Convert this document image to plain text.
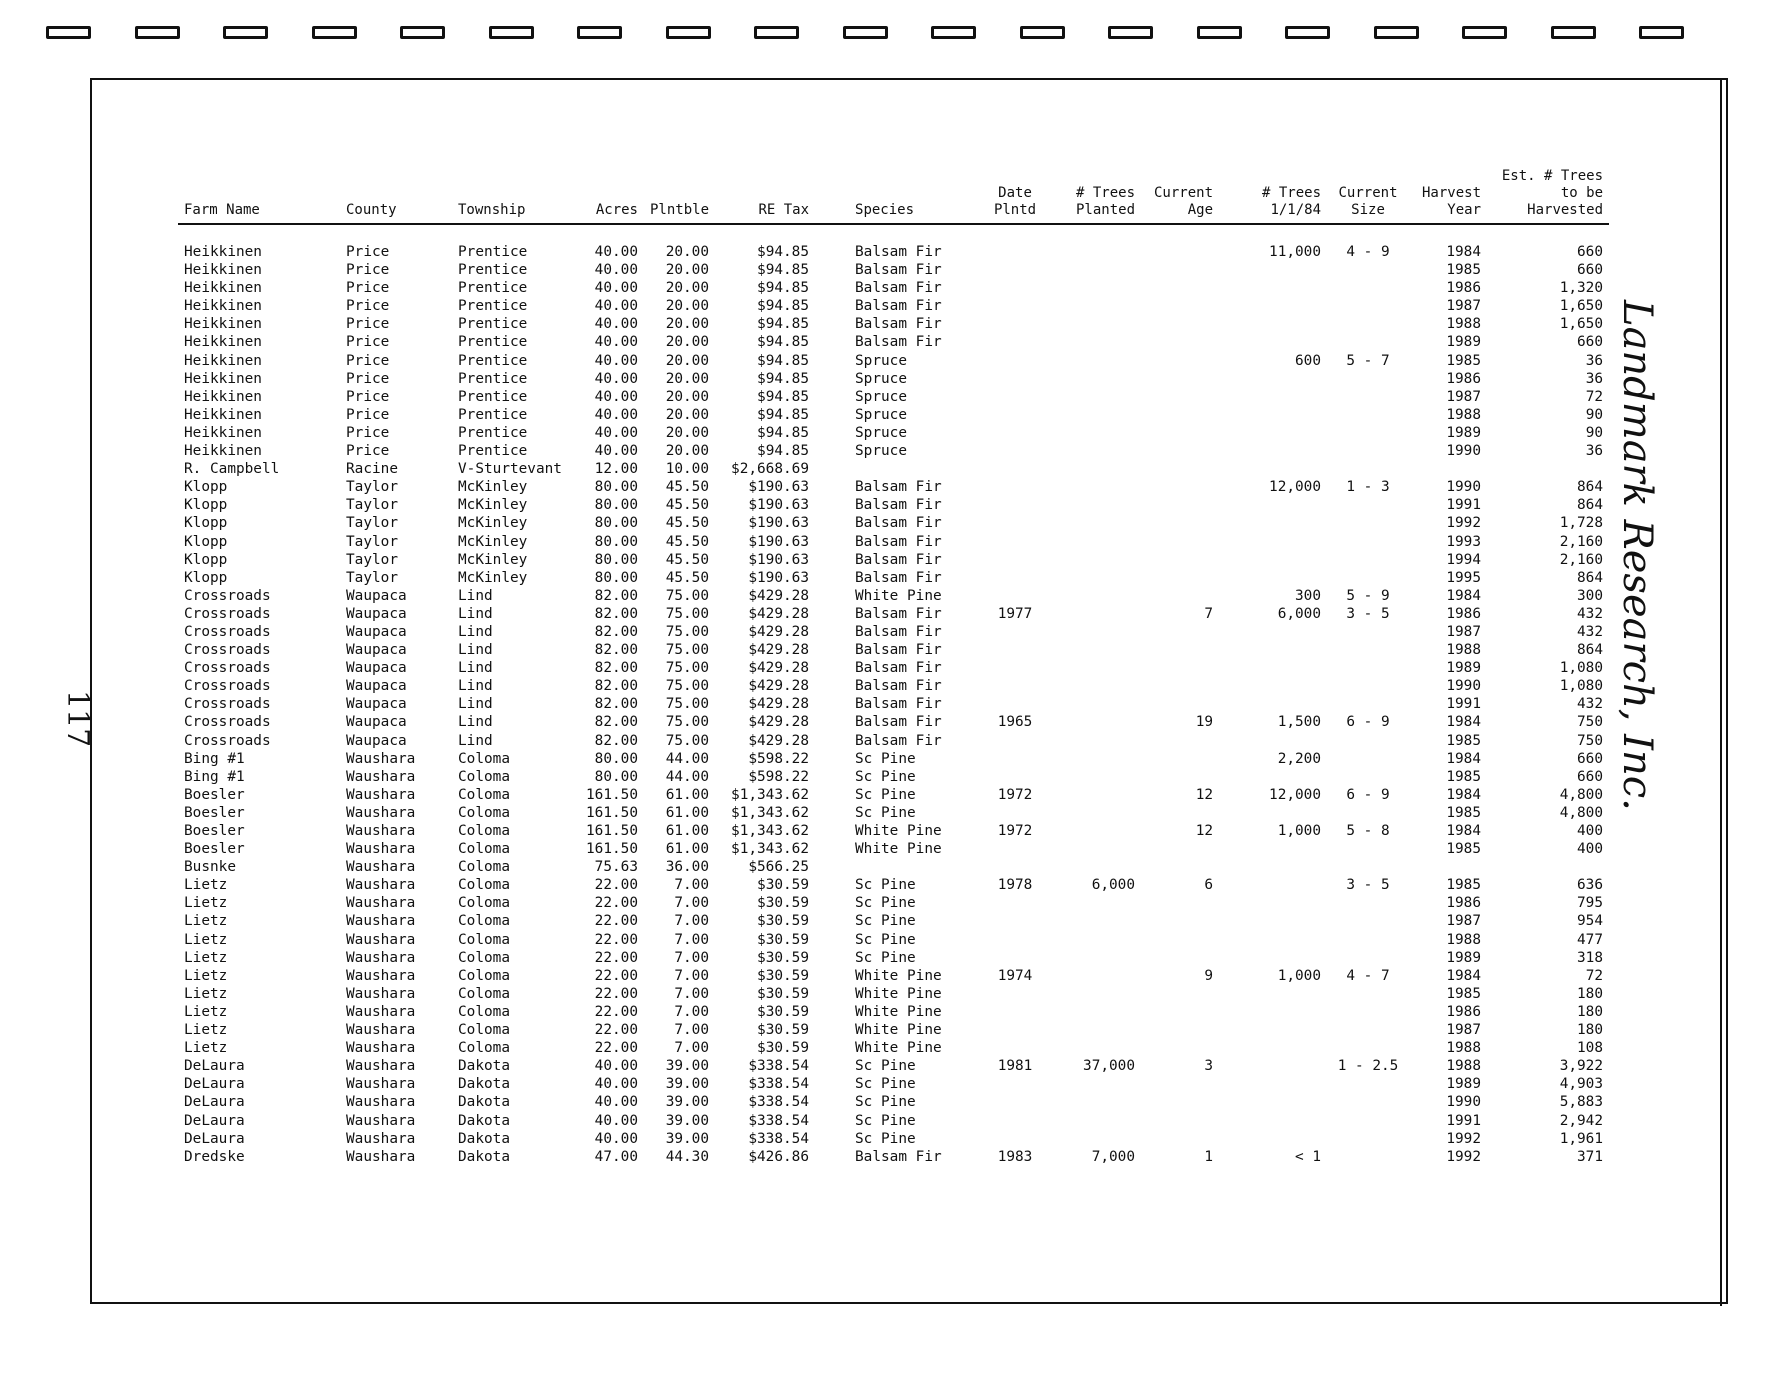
Landmark Research, Inc.
117
Farm Name	County	Township	Acres	Plntble	RE Tax	Species	Date Plntd	# Trees Planted	Current Age	# Trees 1/1/84	Current Size	Harvest Year	Est. # Trees to be Harvested

Heikkinen	Price	Prentice	40.00	20.00	$94.85	Balsam Fir				11,000	4 - 9	1984	660
Heikkinen	Price	Prentice	40.00	20.00	$94.85	Balsam Fir						1985	660
Heikkinen	Price	Prentice	40.00	20.00	$94.85	Balsam Fir						1986	1,320
Heikkinen	Price	Prentice	40.00	20.00	$94.85	Balsam Fir						1987	1,650
Heikkinen	Price	Prentice	40.00	20.00	$94.85	Balsam Fir						1988	1,650
Heikkinen	Price	Prentice	40.00	20.00	$94.85	Balsam Fir						1989	660
Heikkinen	Price	Prentice	40.00	20.00	$94.85	Spruce				600	5 - 7	1985	36
Heikkinen	Price	Prentice	40.00	20.00	$94.85	Spruce						1986	36
Heikkinen	Price	Prentice	40.00	20.00	$94.85	Spruce						1987	72
Heikkinen	Price	Prentice	40.00	20.00	$94.85	Spruce						1988	90
Heikkinen	Price	Prentice	40.00	20.00	$94.85	Spruce						1989	90
Heikkinen	Price	Prentice	40.00	20.00	$94.85	Spruce						1990	36
R. Campbell	Racine	V-Sturtevant	12.00	10.00	$2,668.69								
Klopp	Taylor	McKinley	80.00	45.50	$190.63	Balsam Fir				12,000	1 - 3	1990	864
Klopp	Taylor	McKinley	80.00	45.50	$190.63	Balsam Fir						1991	864
Klopp	Taylor	McKinley	80.00	45.50	$190.63	Balsam Fir						1992	1,728
Klopp	Taylor	McKinley	80.00	45.50	$190.63	Balsam Fir						1993	2,160
Klopp	Taylor	McKinley	80.00	45.50	$190.63	Balsam Fir						1994	2,160
Klopp	Taylor	McKinley	80.00	45.50	$190.63	Balsam Fir						1995	864
Crossroads	Waupaca	Lind	82.00	75.00	$429.28	White Pine				300	5 - 9	1984	300
Crossroads	Waupaca	Lind	82.00	75.00	$429.28	Balsam Fir	1977		7	6,000	3 - 5	1986	432
Crossroads	Waupaca	Lind	82.00	75.00	$429.28	Balsam Fir						1987	432
Crossroads	Waupaca	Lind	82.00	75.00	$429.28	Balsam Fir						1988	864
Crossroads	Waupaca	Lind	82.00	75.00	$429.28	Balsam Fir						1989	1,080
Crossroads	Waupaca	Lind	82.00	75.00	$429.28	Balsam Fir						1990	1,080
Crossroads	Waupaca	Lind	82.00	75.00	$429.28	Balsam Fir						1991	432
Crossroads	Waupaca	Lind	82.00	75.00	$429.28	Balsam Fir	1965		19	1,500	6 - 9	1984	750
Crossroads	Waupaca	Lind	82.00	75.00	$429.28	Balsam Fir						1985	750
Bing #1	Waushara	Coloma	80.00	44.00	$598.22	Sc Pine				2,200		1984	660
Bing #1	Waushara	Coloma	80.00	44.00	$598.22	Sc Pine						1985	660
Boesler	Waushara	Coloma	161.50	61.00	$1,343.62	Sc Pine	1972		12	12,000	6 - 9	1984	4,800
Boesler	Waushara	Coloma	161.50	61.00	$1,343.62	Sc Pine						1985	4,800
Boesler	Waushara	Coloma	161.50	61.00	$1,343.62	White Pine	1972		12	1,000	5 - 8	1984	400
Boesler	Waushara	Coloma	161.50	61.00	$1,343.62	White Pine						1985	400
Busnke	Waushara	Coloma	75.63	36.00	$566.25								
Lietz	Waushara	Coloma	22.00	7.00	$30.59	Sc Pine	1978	6,000	6		3 - 5	1985	636
Lietz	Waushara	Coloma	22.00	7.00	$30.59	Sc Pine						1986	795
Lietz	Waushara	Coloma	22.00	7.00	$30.59	Sc Pine						1987	954
Lietz	Waushara	Coloma	22.00	7.00	$30.59	Sc Pine						1988	477
Lietz	Waushara	Coloma	22.00	7.00	$30.59	Sc Pine						1989	318
Lietz	Waushara	Coloma	22.00	7.00	$30.59	White Pine	1974		9	1,000	4 - 7	1984	72
Lietz	Waushara	Coloma	22.00	7.00	$30.59	White Pine						1985	180
Lietz	Waushara	Coloma	22.00	7.00	$30.59	White Pine						1986	180
Lietz	Waushara	Coloma	22.00	7.00	$30.59	White Pine						1987	180
Lietz	Waushara	Coloma	22.00	7.00	$30.59	White Pine						1988	108
DeLaura	Waushara	Dakota	40.00	39.00	$338.54	Sc Pine	1981	37,000	3		1 - 2.5	1988	3,922
DeLaura	Waushara	Dakota	40.00	39.00	$338.54	Sc Pine						1989	4,903
DeLaura	Waushara	Dakota	40.00	39.00	$338.54	Sc Pine						1990	5,883
DeLaura	Waushara	Dakota	40.00	39.00	$338.54	Sc Pine						1991	2,942
DeLaura	Waushara	Dakota	40.00	39.00	$338.54	Sc Pine						1992	1,961
Dredske	Waushara	Dakota	47.00	44.30	$426.86	Balsam Fir	1983	7,000	1	< 1		1992	371
